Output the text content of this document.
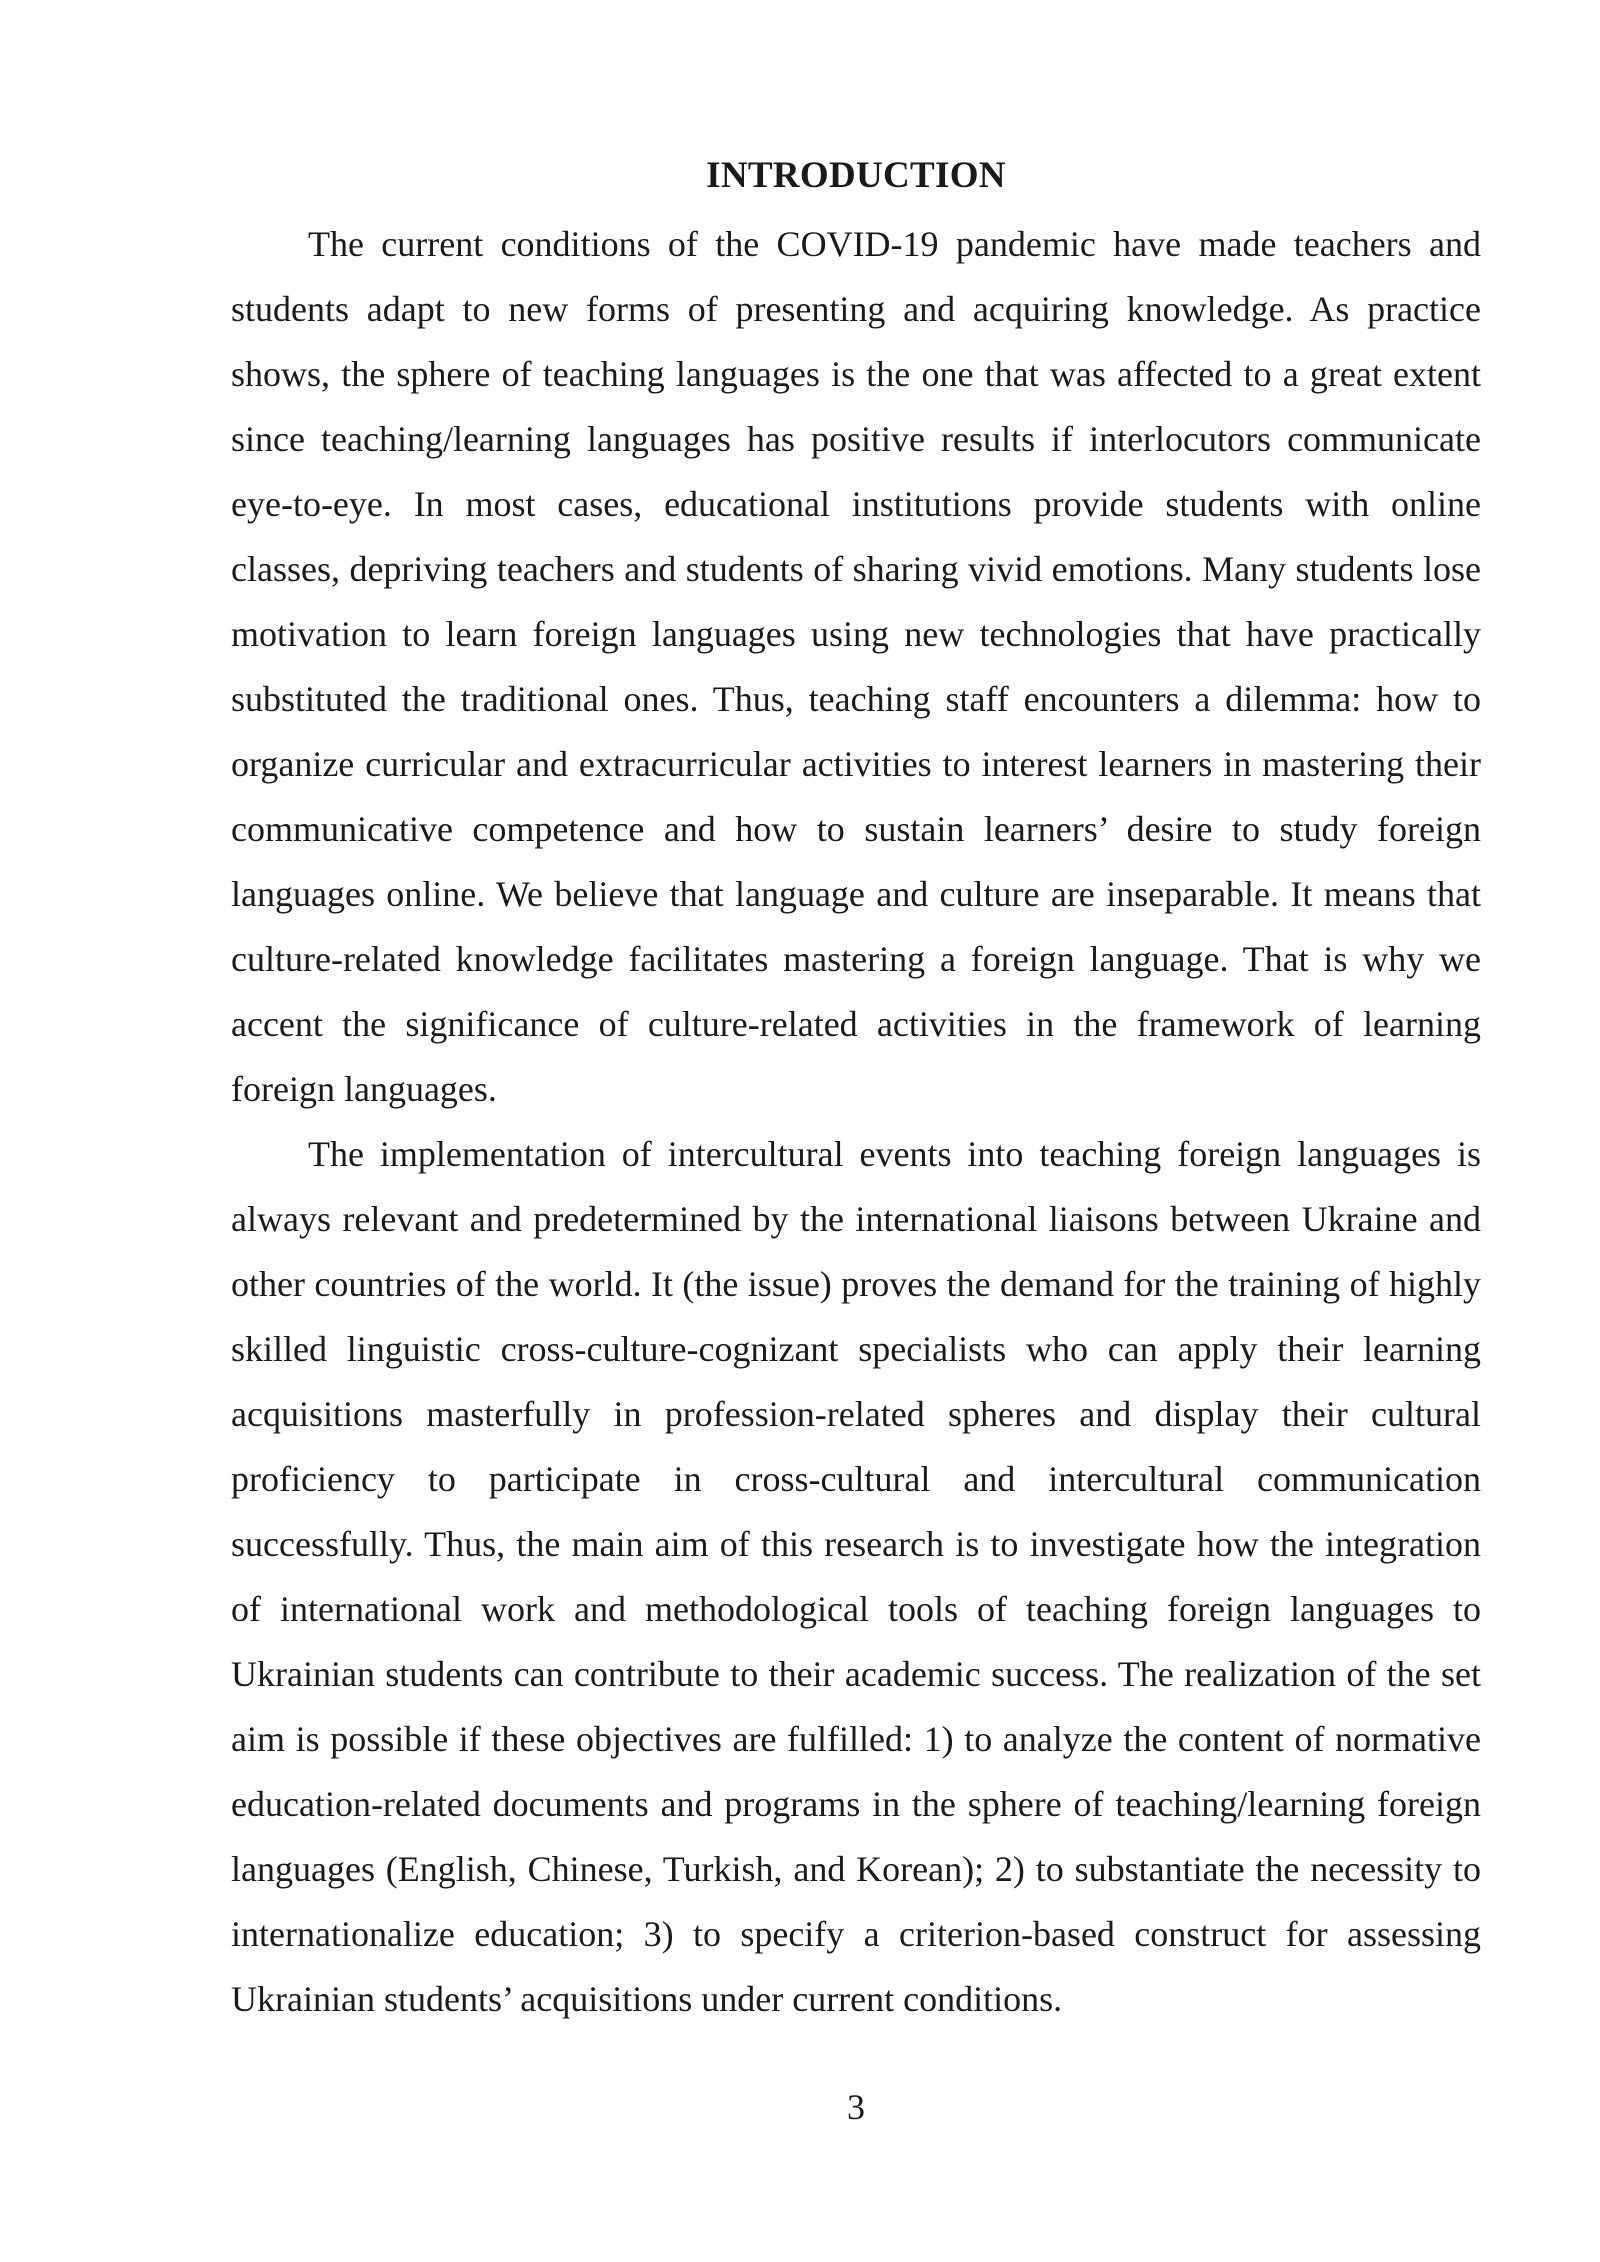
INTRODUCTION

The current conditions of the COVID-19 pandemic have made teachers and students adapt to new forms of presenting and acquiring knowledge. As practice shows, the sphere of teaching languages is the one that was affected to a great extent since teaching/learning languages has positive results if interlocutors communicate eye-to-eye. In most cases, educational institutions provide students with online classes, depriving teachers and students of sharing vivid emotions. Many students lose motivation to learn foreign languages using new technologies that have practically substituted the traditional ones. Thus, teaching staff encounters a dilemma: how to organize curricular and extracurricular activities to interest learners in mastering their communicative competence and how to sustain learners’ desire to study foreign languages online. We believe that language and culture are inseparable. It means that culture-related knowledge facilitates mastering a foreign language. That is why we accent the significance of culture-related activities in the framework of learning foreign languages.

The implementation of intercultural events into teaching foreign languages is always relevant and predetermined by the international liaisons between Ukraine and other countries of the world. It (the issue) proves the demand for the training of highly skilled linguistic cross-culture-cognizant specialists who can apply their learning acquisitions masterfully in profession-related spheres and display their cultural proficiency to participate in cross-cultural and intercultural communication successfully. Thus, the main aim of this research is to investigate how the integration of international work and methodological tools of teaching foreign languages to Ukrainian students can contribute to their academic success. The realization of the set aim is possible if these objectives are fulfilled: 1) to analyze the content of normative education-related documents and programs in the sphere of teaching/learning foreign languages (English, Chinese, Turkish, and Korean); 2) to substantiate the necessity to internationalize education; 3) to specify a criterion-based construct for assessing Ukrainian students’ acquisitions under current conditions.

3
